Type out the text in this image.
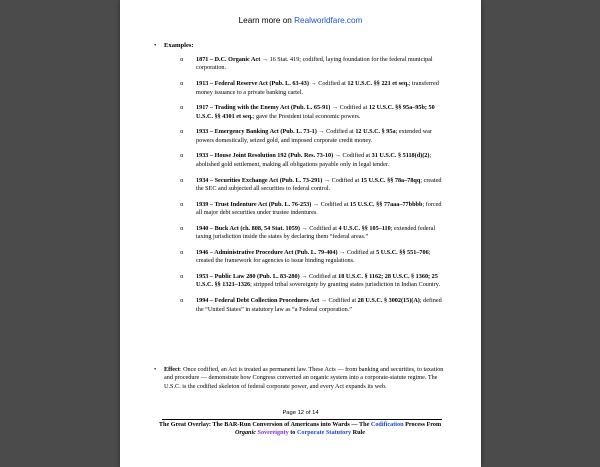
Learn more on Realworldfare.com
• Examples:
o 1871 – D.C. Organic Act → 16 Stat. 419; codified, laying foundation for the federal municipal corporation.
o 1913 – Federal Reserve Act (Pub. L. 63-43) → Codified at 12 U.S.C. §§ 221 et seq.; transferred money issuance to a private banking cartel.
o 1917 – Trading with the Enemy Act (Pub. L. 65-91) → Codified at 12 U.S.C. §§ 95a–95b; 50 U.S.C. §§ 4301 et seq.; gave the President total economic powers.
o 1933 – Emergency Banking Act (Pub. L. 73-1) → Codified at 12 U.S.C. § 95a; extended war powers domestically, seized gold, and imposed corporate credit money.
o 1933 – House Joint Resolution 192 (Pub. Res. 73-10) → Codified at 31 U.S.C. § 5118(d)(2); abolished gold settlement, making all obligations payable only in legal tender.
o 1934 – Securities Exchange Act (Pub. L. 73-291) → Codified at 15 U.S.C. §§ 78a–78qq; created the SEC and subjected all securities to federal control.
o 1939 – Trust Indenture Act (Pub. L. 76-253) → Codified at 15 U.S.C. §§ 77aaa–77bbbb; forced all major debt securities under trustee indentures.
o 1940 – Buck Act (ch. 808, 54 Stat. 1059) → Codified at 4 U.S.C. §§ 105–110; extended federal taxing jurisdiction inside the states by declaring them “federal areas.”
o 1946 – Administrative Procedure Act (Pub. L. 79-404) → Codified at 5 U.S.C. §§ 551–706; created the framework for agencies to issue binding regulations.
o 1953 – Public Law 280 (Pub. L. 83-280) → Codified at 18 U.S.C. § 1162; 28 U.S.C. § 1360; 25 U.S.C. §§ 1321–1326; stripped tribal sovereignty by granting states jurisdiction in Indian Country.
o 1994 – Federal Debt Collection Procedures Act → Codified at 28 U.S.C. § 3002(15)(A); defined the “United States” in statutory law as “a Federal corporation.”
• Effect: Once codified, an Act is treated as permanent law. These Acts — from banking and securities, to taxation and procedure — demonstrate how Congress converted an organic system into a corporate-statute regime. The U.S.C. is the codified skeleton of federal corporate power, and every Act expands its web.
Page 12 of 14
The Great Overlay: The BAR-Run Conversion of Americans into Wards — The Codification Process From Organic Sovereignty to Corporate Statutory Rule
